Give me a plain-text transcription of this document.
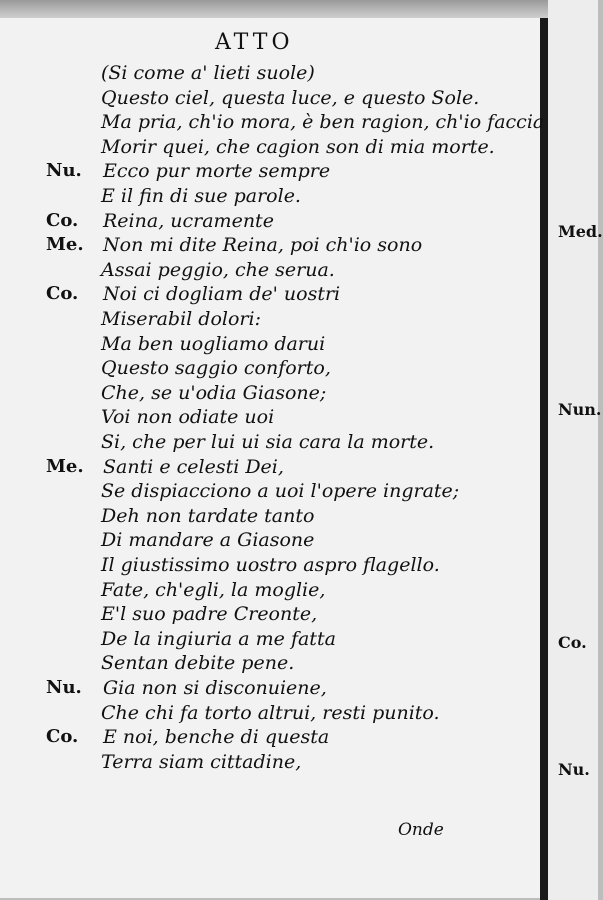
ATTO
(Si come a' lieti suole)
Questo ciel, questa luce, e questo Sole.
Ma pria, ch'io mora, è ben ragion, ch'io faccia
Morir quei, che cagion son di mia morte.
Nu. Ecco pur morte sempre
E il fin di sue parole.
Co. Reina, ucramente
Me. Non mi dite Reina, poi ch'io sono
Assai peggio, che serua.
Co. Noi ci dogliam de' uostri
Miserabil dolori:
Ma ben uogliamo darui
Questo saggio conforto,
Che, se u'odia Giasone;
Voi non odiate uoi
Si, che per lui ui sia cara la morte.
Me. Santi e celesti Dei,
Se dispiacciono a uoi l'opere ingrate;
Deh non tardate tanto
Di mandare a Giasone
Il giustissimo uostro aspro flagello.
Fate, ch'egli, la moglie,
E'l suo padre Creonte,
De la ingiuria a me fatta
Sentan debite pene.
Nu. Gia non si disconuiene,
Che chi fa torto altrui, resti punito.
Co. E noi, benche di questa
Terra siam cittadine,
Onde
Med.
Nun.
Co.
Nu.
